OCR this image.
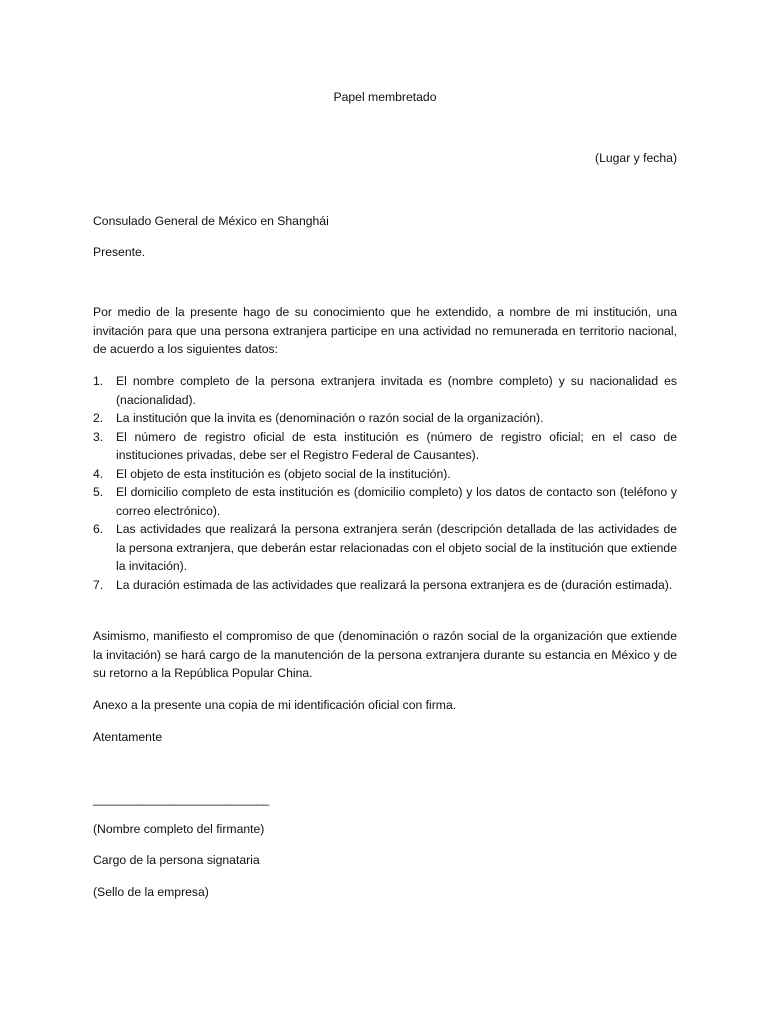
Papel membretado
(Lugar y fecha)
Consulado General de México en Shanghái
Presente.
Por medio de la presente hago de su conocimiento que he extendido, a nombre de mi institución, una invitación para que una persona extranjera participe en una actividad no remunerada en territorio nacional, de acuerdo a los siguientes datos:
1. El nombre completo de la persona extranjera invitada es (nombre completo) y su nacionalidad es (nacionalidad).
2. La institución que la invita es (denominación o razón social de la organización).
3. El número de registro oficial de esta institución es (número de registro oficial; en el caso de instituciones privadas, debe ser el Registro Federal de Causantes).
4. El objeto de esta institución es (objeto social de la institución).
5. El domicilio completo de esta institución es (domicilio completo) y los datos de contacto son (teléfono y correo electrónico).
6. Las actividades que realizará la persona extranjera serán (descripción detallada de las actividades de la persona extranjera, que deberán estar relacionadas con el objeto social de la institución que extiende la invitación).
7. La duración estimada de las actividades que realizará la persona extranjera es de (duración estimada).
Asimismo, manifiesto el compromiso de que (denominación o razón social de la organización que extiende la invitación) se hará cargo de la manutención de la persona extranjera durante su estancia en México y de su retorno a la República Popular China.
Anexo a la presente una copia de mi identificación oficial con firma.
Atentamente
____________________________
(Nombre completo del firmante)
Cargo de la persona signataria
(Sello de la empresa)
